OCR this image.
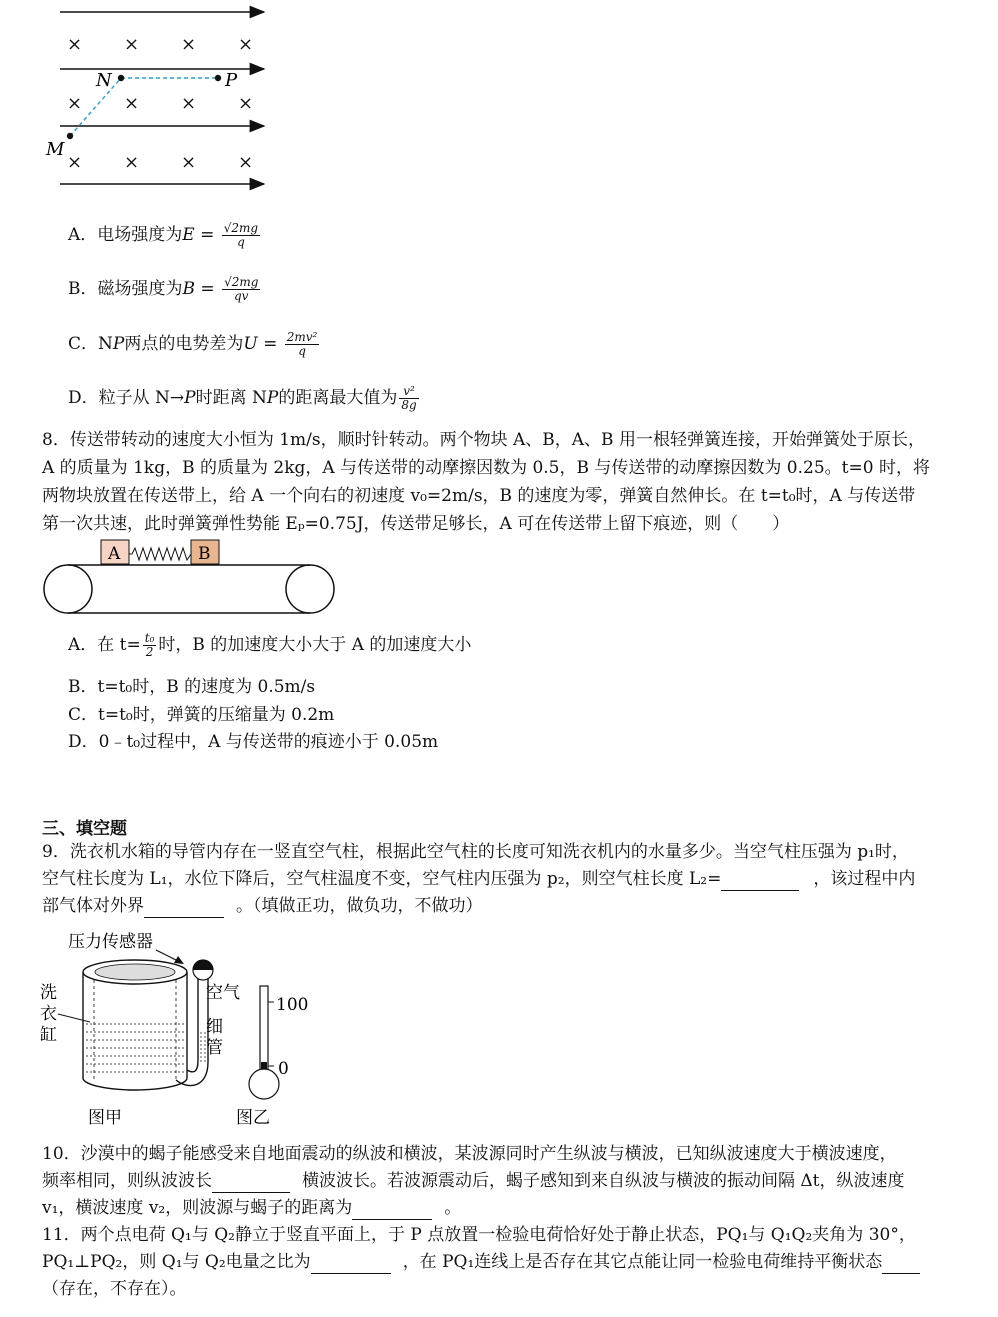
× × × ×
× × × ×
× × × ×
N	P
M
A．电场强度为$E = \frac{√2mg}{q}$
B．磁场强度为$B = \frac{√2mg}{qv}$
C．NP两点的电势差为$U = \frac{\text{2mv²}}{q}$
D．粒子从 N→P时距离 NP的距离最大值为 $\frac{\text{v²}}{8g}$
8．传送带转动的速度大小恒为 1m/s，顺时针转动。两个物块 A、B，A、B 用一根轻弹簧连接，开始弹簧处于原长，
A 的质量为 1kg，B 的质量为 2kg，A 与传送带的动摩擦因数为 0.5，B 与传送带的动摩擦因数为 0.25。t=0 时，将
两物块放置在传送带上，给 A 一个向右的初速度 v₀=2m/s，B 的速度为零，弹簧自然伸长。在 t=t₀时，A 与传送带
第一次共速，此时弹簧弹性势能 Eₚ=0.75J，传送带足够长，A 可在传送带上留下痕迹，则（　　）
A	B
A．在 $t= \frac{\text{t₀}}{2}$ 时，B 的加速度大小大于 A 的加速度大小
B．t=t₀时，B 的速度为 0.5m/s
C．t=t₀时，弹簧的压缩量为 0.2m
D．0﹣t₀过程中，A 与传送带的痕迹小于 0.05m
三、填空题
9．洗衣机水箱的导管内存在一竖直空气柱，根据此空气柱的长度可知洗衣机内的水量多少。当空气柱压强为 p₁时，
空气柱长度为 L₁，水位下降后，空气柱温度不变，空气柱内压强为 p₂，则空气柱长度 L₂=	，该过程中内
部气体对外界	。（填做正功，做负功，不做功）
压力传感器
洗
衣
缸
空气
细
管
100
0
图甲	图乙
10．沙漠中的蝎子能感受来自地面震动的纵波和横波，某波源同时产生纵波与横波，已知纵波速度大于横波速度，
频率相同，则纵波波长	横波波长。若波源震动后，蝎子感知到来自纵波与横波的振动间隔 Δt，纵波速度
v₁，横波速度 v₂，则波源与蝎子的距离为	。
11．两个点电荷 Q₁与 Q₂静立于竖直平面上，于 P 点放置一检验电荷恰好处于静止状态，PQ₁与 Q₁Q₂夹角为 30°，
PQ₁⊥PQ₂，则 Q₁与 Q₂电量之比为	，在 PQ₁连线上是否存在其它点能让同一检验电荷维持平衡状态
（存在，不存在）。
